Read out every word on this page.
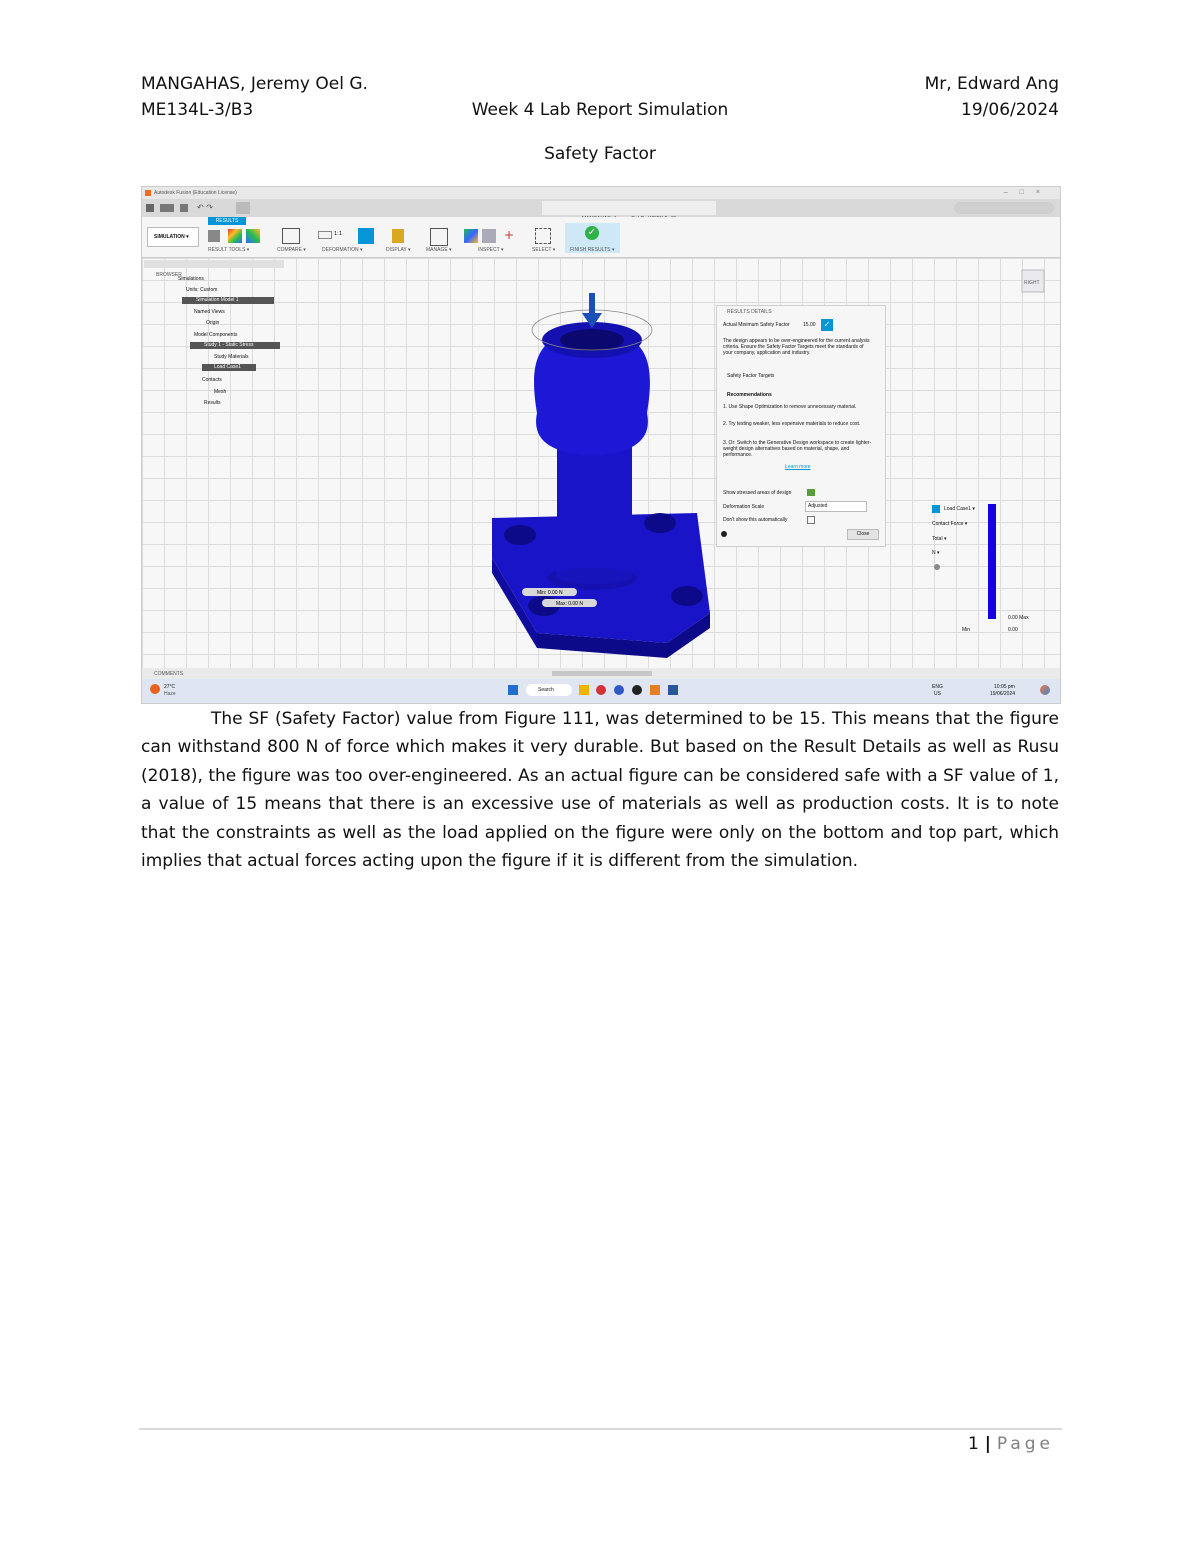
MANGAHAS, Jeremy Oel G.
ME134L-3/B3	Week 4 Lab Report Simulation
Mr, Edward Ang
19/06/2024
Safety Factor
Autodesk Fusion (Education License)	–□×
↶ ↷
SIMULATION ▾
RESULTS
1:1	+	✓
RESULT TOOLS ▾	COMPARE ▾	DEFORMATION ▾	DISPLAY ▾	MANAGE ▾	INSPECT ▾	SELECT ▾	FINISH RESULTS ▾
Min: 0.00 N
Max: 0.00 N
RIGHT
BROWSER
Simulations
Units: Custom
Simulation Model 1
Named Views
Origin
Model Components
Study 1 - Static Stress
Study Materials
Load Case1
Contacts
Mesh
Results
RESULTS DETAILS
Actual Minimum Safety Factor	15.00	✓
The design appears to be over-engineered for the current analysis criteria. Ensure the Safety Factor Targets meet the standards of your company, application and industry.
Safety Factor Targets
Recommendations
1. Use Shape Optimization to remove unnecessary material.
2. Try testing weaker, less expensive materials to reduce cost.
3. Or: Switch to the Generative Design workspace to create lighter-weight design alternatives based on material, shape, and performance.
Learn more
Show stressed areas of design
Deformation Scale	Adjusted
Don't show this automatically
Close
Load Case1 ▾
Contact Force ▾
Total ▾
N ▾
0.00 Max
Min	0.00
COMMENTS
27°C
Haze
Search	ENG
US
10:05 pm
19/06/2024

The SF (Safety Factor) value from Figure 111, was determined to be 15. This means that the figure can withstand 800 N of force which makes it very durable. But based on the Result Details as well as Rusu (2018), the figure was too over-engineered. As an actual figure can be considered safe with a SF value of 1, a value of 15 means that there is an excessive use of materials as well as production costs. It is to note that the constraints as well as the load applied on the figure were only on the bottom and top part, which implies that actual forces acting upon the figure if it is different from the simulation.

1 | Page
